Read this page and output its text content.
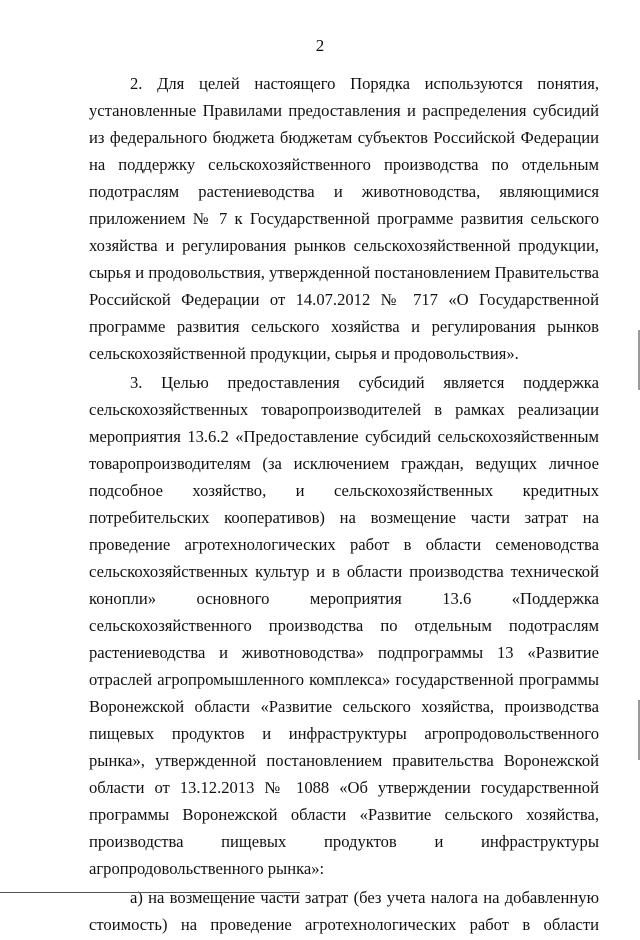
2

2. Для целей настоящего Порядка используются понятия, установленные Правилами предоставления и распределения субсидий из федерального бюджета бюджетам субъектов Российской Федерации на поддержку сельскохозяйственного производства по отдельным подотраслям растениеводства и животноводства, являющимися приложением № 7 к Государственной программе развития сельского хозяйства и регулирования рынков сельскохозяйственной продукции, сырья и продовольствия, утвержденной постановлением Правительства Российской Федерации от 14.07.2012 № 717 «О Государственной программе развития сельского хозяйства и регулирования рынков сельскохозяйственной продукции, сырья и продовольствия».

3. Целью предоставления субсидий является поддержка сельскохозяйственных товаропроизводителей в рамках реализации мероприятия 13.6.2 «Предоставление субсидий сельскохозяйственным товаропроизводителям (за исключением граждан, ведущих личное подсобное хозяйство, и сельскохозяйственных кредитных потребительских кооперативов) на возмещение части затрат на проведение агротехнологических работ в области семеноводства сельскохозяйственных культур и в области производства технической конопли» основного мероприятия 13.6 «Поддержка сельскохозяйственного производства по отдельным подотраслям растениеводства и животноводства» подпрограммы 13 «Развитие отраслей агропромышленного комплекса» государственной программы Воронежской области «Развитие сельского хозяйства, производства пищевых продуктов и инфраструктуры агропродовольственного рынка», утвержденной постановлением правительства Воронежской области от 13.12.2013 № 1088 «Об утверждении государственной программы Воронежской области «Развитие сельского хозяйства, производства пищевых продуктов и инфраструктуры агропродовольственного рынка»:

а) на возмещение части затрат (без учета налога на добавленную стоимость) на проведение агротехнологических работ в области
